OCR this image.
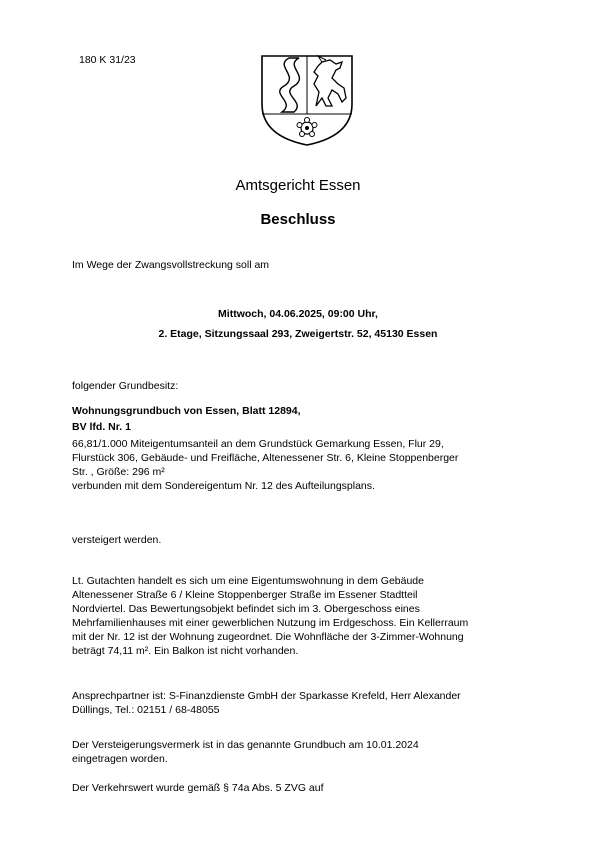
180 K 31/23
Amtsgericht Essen
Beschluss
Im Wege der Zwangsvollstreckung soll am
Mittwoch, 04.06.2025, 09:00 Uhr,
2. Etage, Sitzungssaal 293, Zweigertstr. 52, 45130 Essen
folgender Grundbesitz:
Wohnungsgrundbuch von Essen, Blatt 12894,
BV lfd. Nr. 1
66,81/1.000 Miteigentumsanteil an dem Grundstück Gemarkung Essen, Flur 29,
Flurstück 306, Gebäude- und Freifläche, Altenessener Str. 6, Kleine Stoppenberger
Str. , Größe: 296 m²
verbunden mit dem Sondereigentum Nr. 12 des Aufteilungsplans.
versteigert werden.
Lt. Gutachten handelt es sich um eine Eigentumswohnung in dem Gebäude
Altenessener Straße 6 / Kleine Stoppenberger Straße im Essener Stadtteil
Nordviertel. Das Bewertungsobjekt befindet sich im 3. Obergeschoss eines
Mehrfamilienhauses mit einer gewerblichen Nutzung im Erdgeschoss. Ein Kellerraum
mit der Nr. 12 ist der Wohnung zugeordnet. Die Wohnfläche der 3-Zimmer-Wohnung
beträgt 74,11 m². Ein Balkon ist nicht vorhanden.
Ansprechpartner ist: S-Finanzdienste GmbH der Sparkasse Krefeld, Herr Alexander
Düllings, Tel.: 02151 / 68-48055
Der Versteigerungsvermerk ist in das genannte Grundbuch am 10.01.2024
eingetragen worden.
Der Verkehrswert wurde gemäß § 74a Abs. 5 ZVG auf
